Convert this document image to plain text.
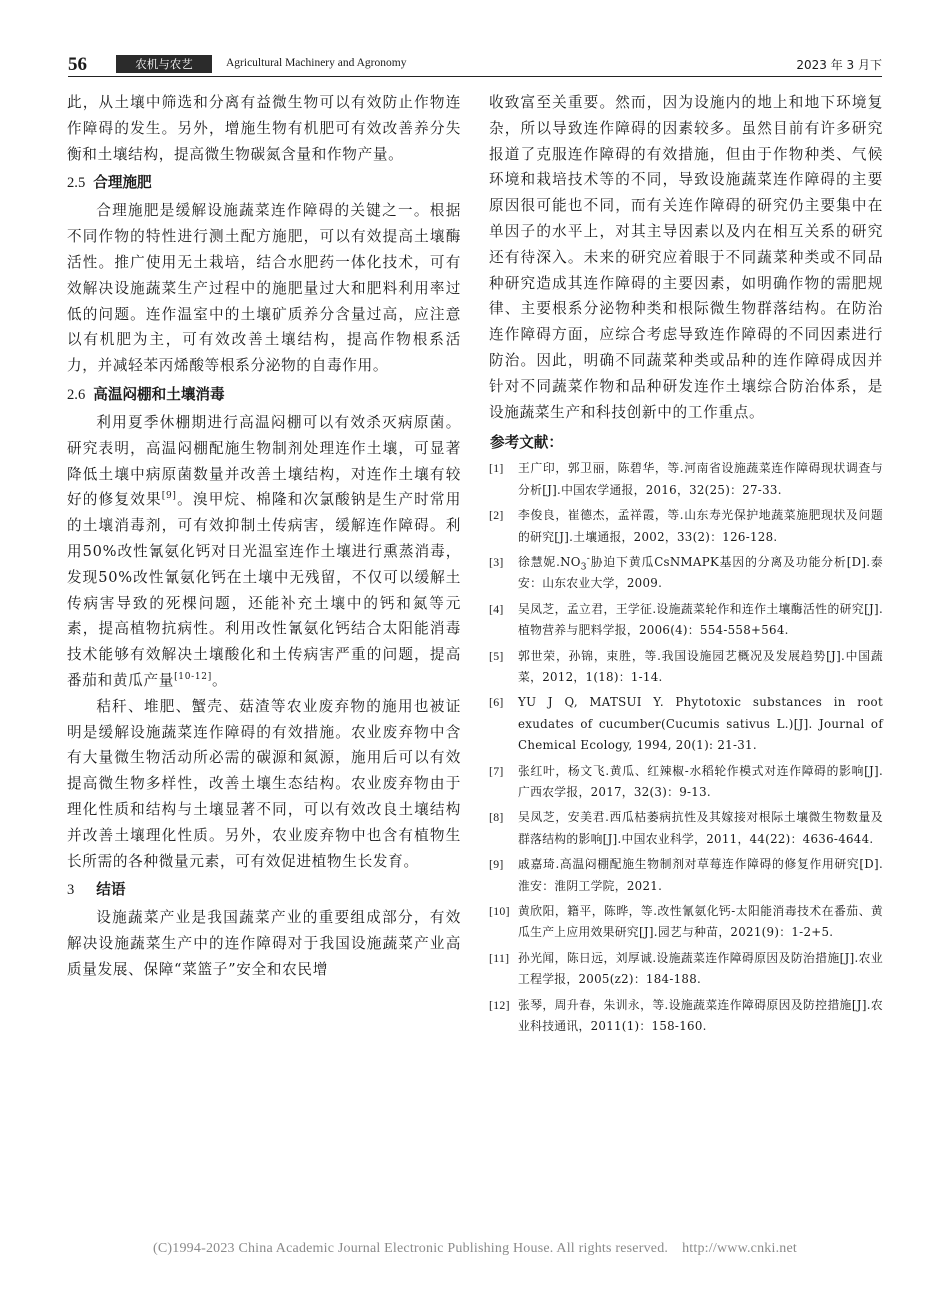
56	农机与农艺	Agricultural Machinery and Agronomy	2023 年 3 月下

此，从土壤中筛选和分离有益微生物可以有效防止作物连作障碍的发生。另外，增施生物有机肥可有效改善养分失衡和土壤结构，提高微生物碳氮含量和作物产量。

2.5 合理施肥

合理施肥是缓解设施蔬菜连作障碍的关键之一。根据不同作物的特性进行测土配方施肥，可以有效提高土壤酶活性。推广使用无土栽培，结合水肥药一体化技术，可有效解决设施蔬菜生产过程中的施肥量过大和肥料利用率过低的问题。连作温室中的土壤矿质养分含量过高，应注意以有机肥为主，可有效改善土壤结构，提高作物根系活力，并减轻苯丙烯酸等根系分泌物的自毒作用。

2.6 高温闷棚和土壤消毒

利用夏季休棚期进行高温闷棚可以有效杀灭病原菌。研究表明，高温闷棚配施生物制剂处理连作土壤，可显著降低土壤中病原菌数量并改善土壤结构，对连作土壤有较好的修复效果[9]。溴甲烷、棉隆和次氯酸钠是生产时常用的土壤消毒剂，可有效抑制土传病害，缓解连作障碍。利用50%改性氰氨化钙对日光温室连作土壤进行熏蒸消毒，发现50%改性氰氨化钙在土壤中无残留，不仅可以缓解土传病害导致的死棵问题，还能补充土壤中的钙和氮等元素，提高植物抗病性。利用改性氰氨化钙结合太阳能消毒技术能够有效解决土壤酸化和土传病害严重的问题，提高番茄和黄瓜产量[10-12]。

秸秆、堆肥、蟹壳、菇渣等农业废弃物的施用也被证明是缓解设施蔬菜连作障碍的有效措施。农业废弃物中含有大量微生物活动所必需的碳源和氮源，施用后可以有效提高微生物多样性，改善土壤生态结构。农业废弃物由于理化性质和结构与土壤显著不同，可以有效改良土壤结构并改善土壤理化性质。另外，农业废弃物中也含有植物生长所需的各种微量元素，可有效促进植物生长发育。

3 结语

设施蔬菜产业是我国蔬菜产业的重要组成部分，有效解决设施蔬菜生产中的连作障碍对于我国设施蔬菜产业高质量发展、保障“菜篮子”安全和农民增

收致富至关重要。然而，因为设施内的地上和地下环境复杂，所以导致连作障碍的因素较多。虽然目前有许多研究报道了克服连作障碍的有效措施，但由于作物种类、气候环境和栽培技术等的不同，导致设施蔬菜连作障碍的主要原因很可能也不同，而有关连作障碍的研究仍主要集中在单因子的水平上，对其主导因素以及内在相互关系的研究还有待深入。未来的研究应着眼于不同蔬菜种类或不同品种研究造成其连作障碍的主要因素，如明确作物的需肥规律、主要根系分泌物种类和根际微生物群落结构。在防治连作障碍方面，应综合考虑导致连作障碍的不同因素进行防治。因此，明确不同蔬菜种类或品种的连作障碍成因并针对不同蔬菜作物和品种研发连作土壤综合防治体系，是设施蔬菜生产和科技创新中的工作重点。

参考文献：
[1] 王广印，郭卫丽，陈碧华，等.河南省设施蔬菜连作障碍现状调查与分析[J].中国农学通报，2016，32(25)：27-33.
[2] 李俊良，崔德杰，孟祥霞，等.山东寿光保护地蔬菜施肥现状及问题的研究[J].土壤通报，2002，33(2)：126-128.
[3] 徐慧妮$.NO_3^-$胁迫下黄瓜CsNMAPK基因的分离及功能分析[D].泰安：山东农业大学，2009.
[4] 吴凤芝，孟立君，王学征.设施蔬菜轮作和连作土壤酶活性的研究[J].植物营养与肥料学报，2006(4)：554-558+564.
[5] 郭世荣，孙锦，束胜，等.我国设施园艺概况及发展趋势[J].中国蔬菜，2012，1(18)：1-14.
[6] YU J Q, MATSUI Y. Phytotoxic substances in root exudates of cucumber(Cucumis sativus L.)[J]. Journal of Chemical Ecology, 1994, 20(1): 21-31.
[7] 张红叶，杨文飞.黄瓜、红辣椒-水稻轮作模式对连作障碍的影响[J].广西农学报，2017，32(3)：9-13.
[8] 吴凤芝，安美君.西瓜枯萎病抗性及其嫁接对根际土壤微生物数量及群落结构的影响[J].中国农业科学，2011，44(22)：4636-4644.
[9] 戚嘉琦.高温闷棚配施生物制剂对草莓连作障碍的修复作用研究[D].淮安：淮阴工学院，2021.
[10] 黄欣阳，籍平，陈晔，等.改性氰氨化钙-太阳能消毒技术在番茄、黄瓜生产上应用效果研究[J].园艺与种苗，2021(9)：1-2+5.
[11] 孙光闻，陈日远，刘厚诚.设施蔬菜连作障碍原因及防治措施[J].农业工程学报，2005(z2)：184-188.
[12] 张琴，周升春，朱训永，等.设施蔬菜连作障碍原因及防控措施[J].农业科技通讯，2011(1)：158-160.
(C)1994-2023 China Academic Journal Electronic Publishing House. All rights reserved. http://www.cnki.net
